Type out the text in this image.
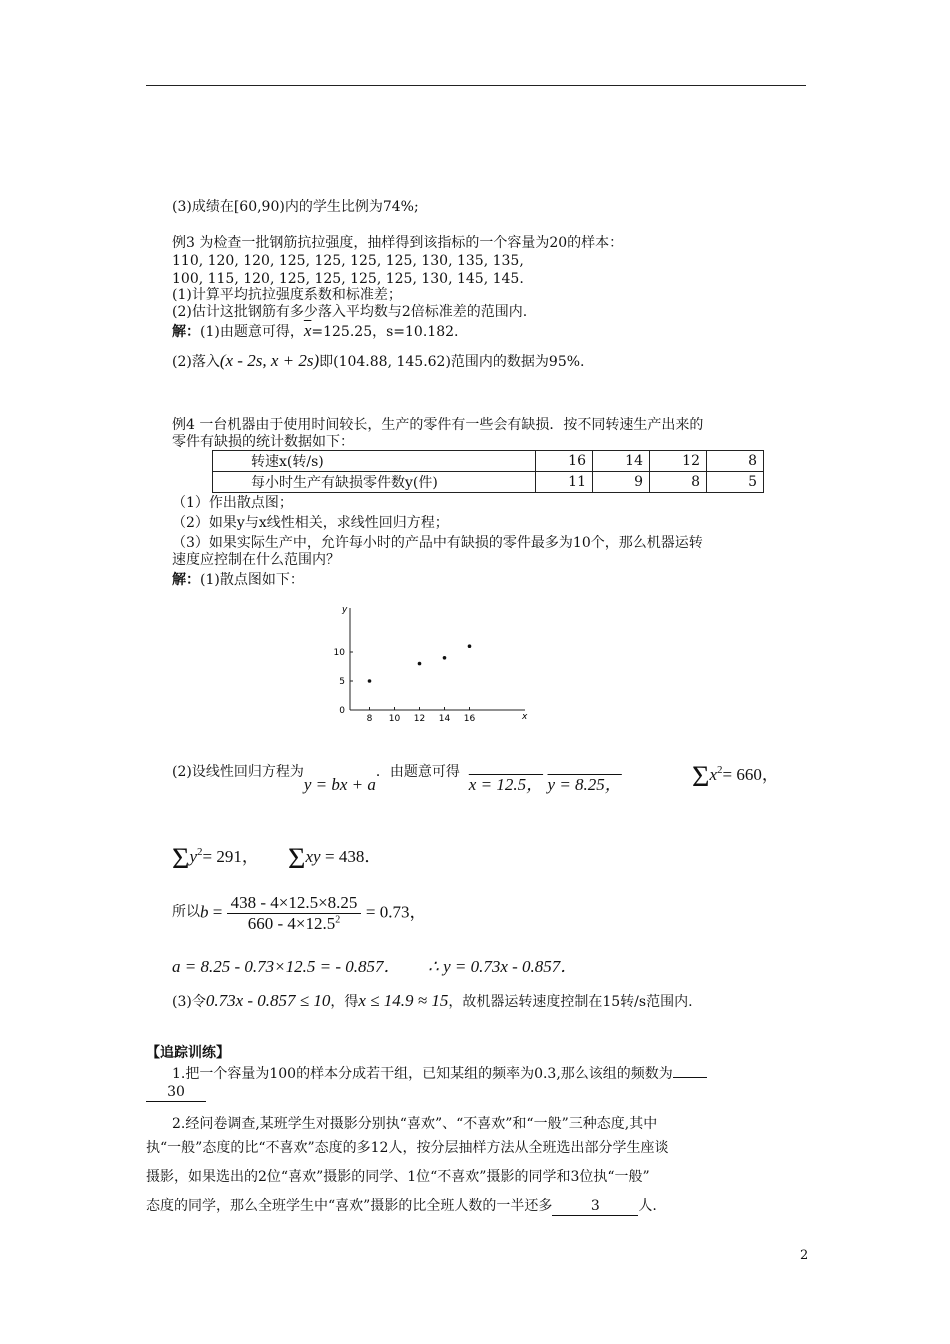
(3)成绩在[60,90)内的学生比例为74%;
例3 为检查一批钢筋抗拉强度，抽样得到该指标的一个容量为20的样本：
110, 120, 120, 125, 125, 125, 125, 130, 135, 135,
100, 115, 120, 125, 125, 125, 125, 130, 145, 145.
(1)计算平均抗拉强度系数和标准差；
(2)估计这批钢筋有多少落入平均数与2倍标准差的范围内.
解：(1)由题意可得，$\overline{x}=125.25$，s=10.182.
(2)落入(x - 2s, x + 2s)即(104.88, 145.62)范围内的数据为95%.
例4 一台机器由于使用时间较长，生产的零件有一些会有缺损．按不同转速生产出来的
零件有缺损的统计数据如下：
转速x(转/s)	16	14	12	8
每小时生产有缺损零件数y(件)	11	9	8	5
（1）作出散点图；
（2）如果y与x线性相关，求线性回归方程；
（3）如果实际生产中，允许每小时的产品中有缺损的零件最多为10个，那么机器运转
速度应控制在什么范围内？
解：(1)散点图如下：
x
y
8 10 12 14 16
0
5
10
(2)设线性回归方程为y = bx + a．由题意可得  x = 12.5， y = 8.25， $\Sigma x^2= 660$，
$\Sigma y^2= 291$， Σxy = 438．
所以$b = \frac{438 - 4\times 12.5\times 8.25}{660 - 4\times 12.5^2} = 0.73$，
a = 8.25 - 0.73×12.5 = - 0.857． ∴ y = 0.73x - 0.857．
(3)令0.73x - 0.857 ≤ 10，得x ≤ 14.9 ≈ 15，故机器运转速度控制在15转/s范围内.
【追踪训练】
1.把一个容量为100的样本分成若干组，已知某组的频率为0.3,那么该组的频数为
30
2.经问卷调查,某班学生对摄影分别执“喜欢”、“不喜欢”和“一般”三种态度,其中
执“一般”态度的比“不喜欢”态度的多12人，按分层抽样方法从全班选出部分学生座谈
摄影，如果选出的2位“喜欢”摄影的同学、1位“不喜欢”摄影的同学和3位执“一般”
态度的同学，那么全班学生中“喜欢”摄影的比全班人数的一半还多	3	人.
2
